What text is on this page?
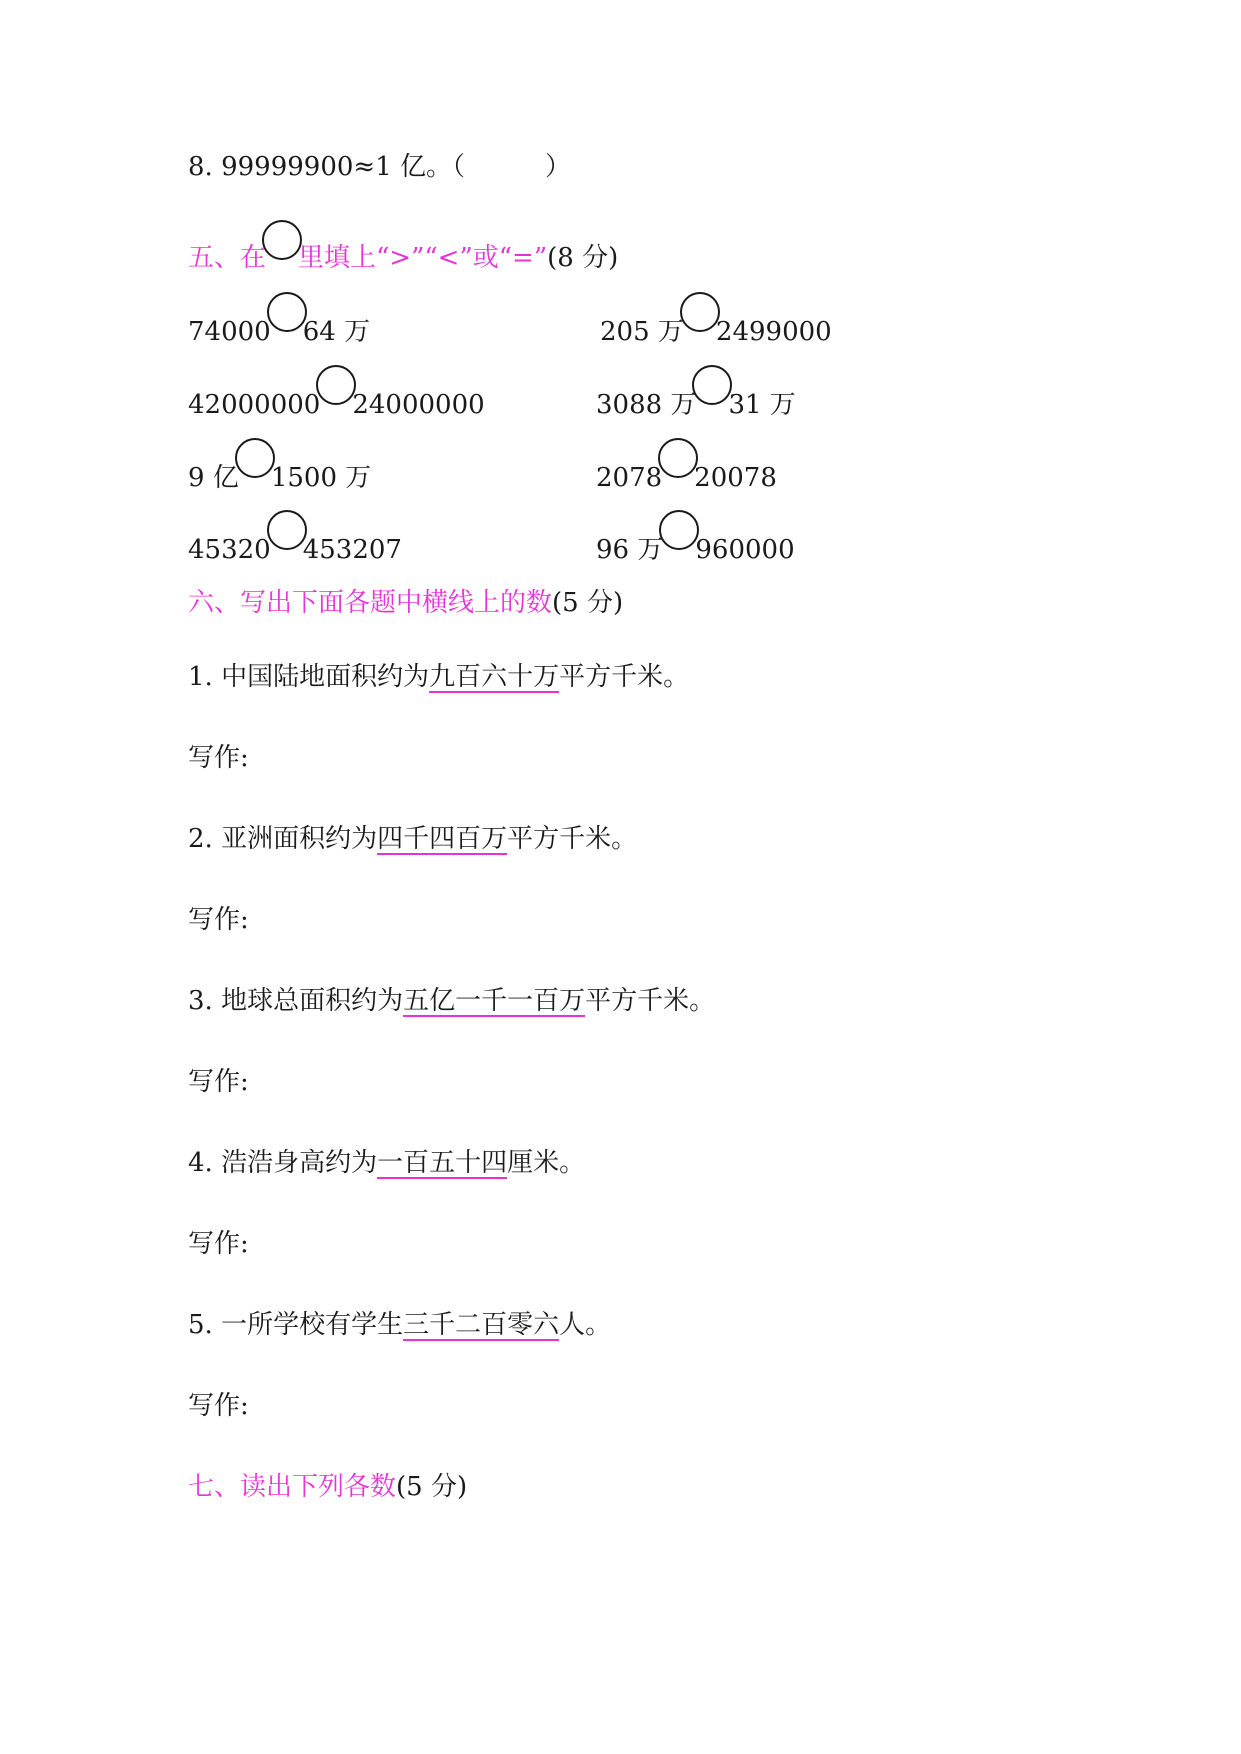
8. 99999900≈1 亿。（	）
五、在 里填上“>”“<”或“=”(8 分)
74000 64 万	205 万 2499000
42000000 24000000	3088 万 31 万
9 亿 1500 万	2078 20078
45320 453207	96 万 960000
六、写出下面各题中横线上的数(5 分)
1. 中国陆地面积约为九百六十万平方千米。
写作:
2. 亚洲面积约为四千四百万平方千米。
写作:
3. 地球总面积约为五亿一千一百万平方千米。
写作:
4. 浩浩身高约为一百五十四厘米。
写作:
5. 一所学校有学生三千二百零六人。
写作:
七、读出下列各数(5 分)
